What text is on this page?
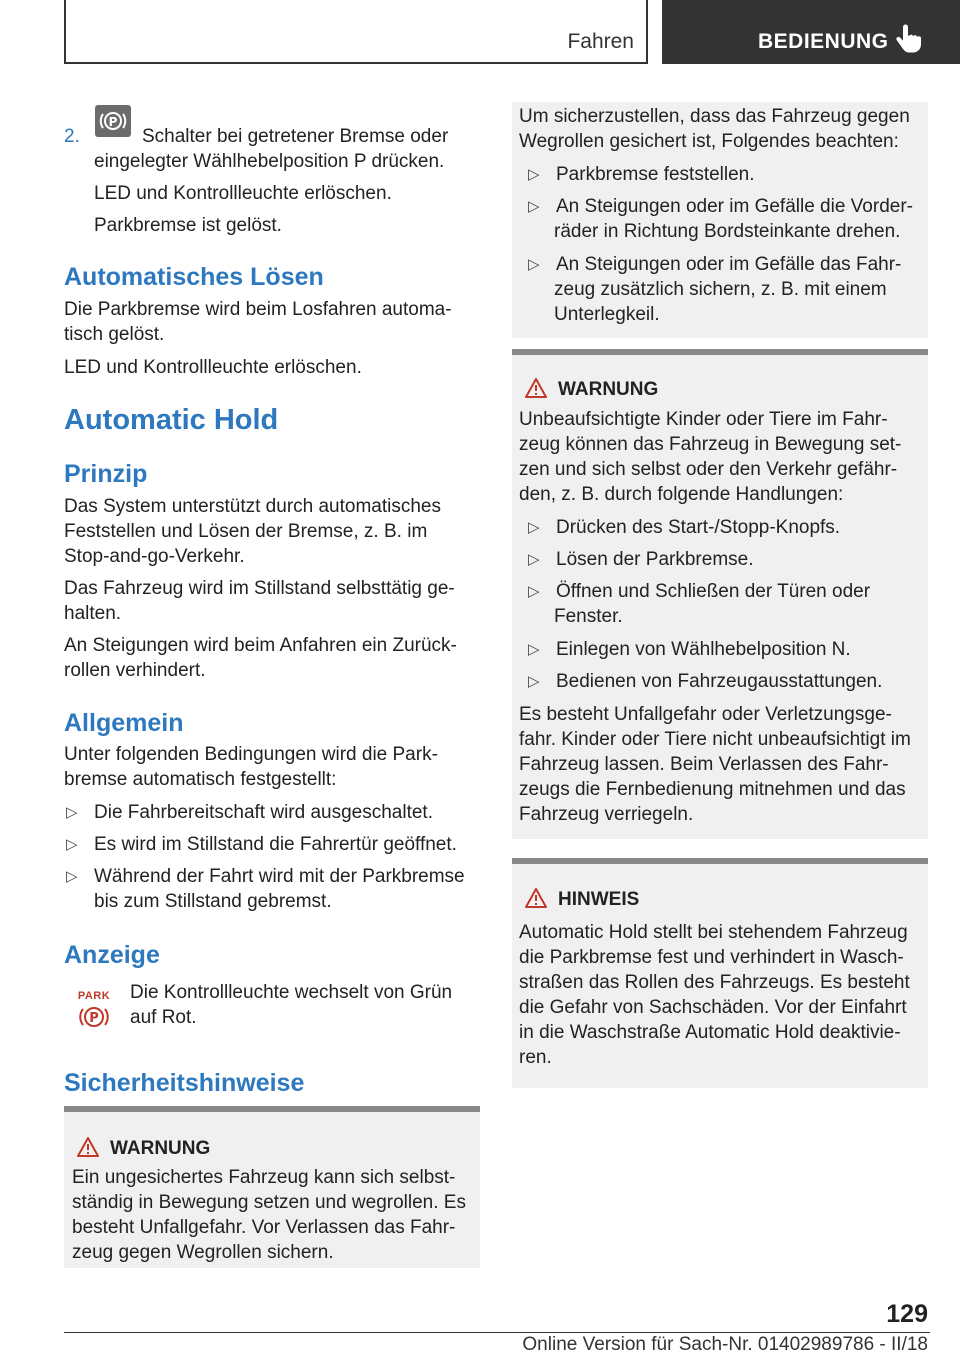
Fahren	BEDIENUNG
2.
P
Schalter bei getretener Bremse oder
eingelegter Wählhebelposition P drücken.
LED und Kontrollleuchte erlöschen.
Parkbremse ist gelöst.
Automatisches Lösen
Die Parkbremse wird beim Losfahren automa-
tisch gelöst.
LED und Kontrollleuchte erlöschen.
Automatic Hold
Prinzip
Das System unterstützt durch automatisches
Feststellen und Lösen der Bremse, z. B. im
Stop-and-go-Verkehr.
Das Fahrzeug wird im Stillstand selbsttätig ge-
halten.
An Steigungen wird beim Anfahren ein Zurück-
rollen verhindert.
Allgemein
Unter folgenden Bedingungen wird die Park-
bremse automatisch festgestellt:
▷ Die Fahrbereitschaft wird ausgeschaltet.
▷ Es wird im Stillstand die Fahrertür geöffnet.
▷ Während der Fahrt wird mit der Parkbremse
bis zum Stillstand gebremst.
Anzeige
PARK
P
Die Kontrollleuchte wechselt von Grün
auf Rot.
Sicherheitshinweise
WARNUNG
Ein ungesichertes Fahrzeug kann sich selbst-
ständig in Bewegung setzen und wegrollen. Es
besteht Unfallgefahr. Vor Verlassen das Fahr-
zeug gegen Wegrollen sichern.
Um sicherzustellen, dass das Fahrzeug gegen
Wegrollen gesichert ist, Folgendes beachten:
▷ Parkbremse feststellen.
▷ An Steigungen oder im Gefälle die Vorder-
räder in Richtung Bordsteinkante drehen.
▷ An Steigungen oder im Gefälle das Fahr-
zeug zusätzlich sichern, z. B. mit einem
Unterlegkeil.
WARNUNG
Unbeaufsichtigte Kinder oder Tiere im Fahr-
zeug können das Fahrzeug in Bewegung set-
zen und sich selbst oder den Verkehr gefähr-
den, z. B. durch folgende Handlungen:
▷ Drücken des Start-/Stopp-Knopfs.
▷ Lösen der Parkbremse.
▷ Öffnen und Schließen der Türen oder
Fenster.
▷ Einlegen von Wählhebelposition N.
▷ Bedienen von Fahrzeugausstattungen.
Es besteht Unfallgefahr oder Verletzungsge-
fahr. Kinder oder Tiere nicht unbeaufsichtigt im
Fahrzeug lassen. Beim Verlassen des Fahr-
zeugs die Fernbedienung mitnehmen und das
Fahrzeug verriegeln.
HINWEIS
Automatic Hold stellt bei stehendem Fahrzeug
die Parkbremse fest und verhindert in Wasch-
straßen das Rollen des Fahrzeugs. Es besteht
die Gefahr von Sachschäden. Vor der Einfahrt
in die Waschstraße Automatic Hold deaktivie-
ren.
129
Online Version für Sach-Nr. 01402989786 - II/18
